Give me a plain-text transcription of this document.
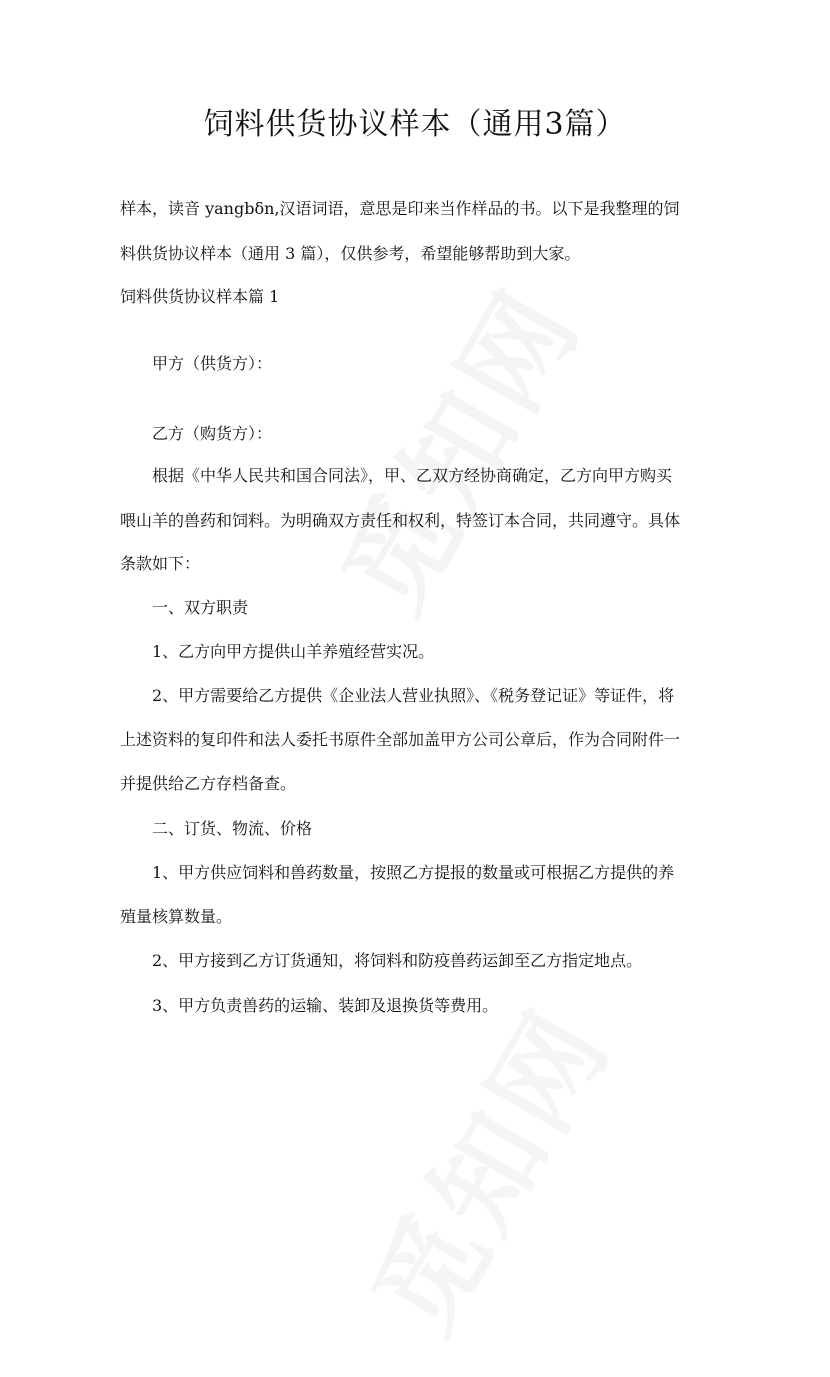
饲料供货协议样本（通用3篇）
样本，读音 yangbδn,汉语词语，意思是印来当作样品的书。以下是我整理的饲
料供货协议样本（通用 3 篇），仅供参考，希望能够帮助到大家。
饲料供货协议样本篇 1
甲方（供货方）：
乙方（购货方）：
根据《中华人民共和国合同法》，甲、乙双方经协商确定，乙方向甲方购买
喂山羊的兽药和饲料。为明确双方责任和权利，特签订本合同，共同遵守。具体
条款如下：
一、双方职责
1、乙方向甲方提供山羊养殖经营实况。
2、甲方需要给乙方提供《企业法人营业执照》、《税务登记证》等证件，将
上述资料的复印件和法人委托书原件全部加盖甲方公司公章后，作为合同附件一
并提供给乙方存档备查。
二、订货、物流、价格
1、甲方供应饲料和兽药数量，按照乙方提报的数量或可根据乙方提供的养
殖量核算数量。
2、甲方接到乙方订货通知，将饲料和防疫兽药运卸至乙方指定地点。
3、甲方负责兽药的运输、装卸及退换货等费用。
